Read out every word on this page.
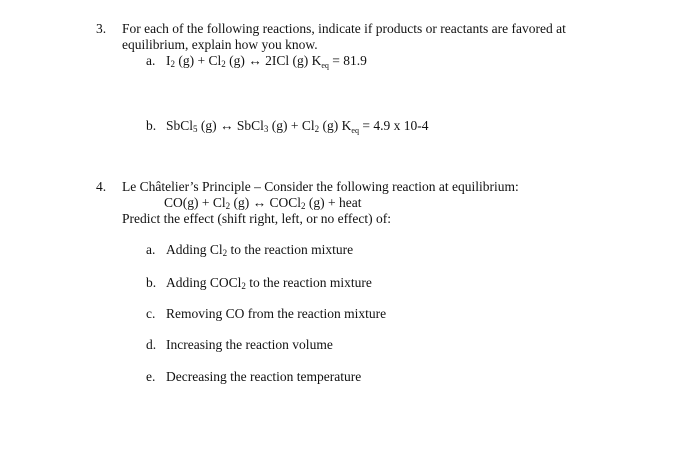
3. For each of the following reactions, indicate if products or reactants are favored at
equilibrium, explain how you know.
a. $I_2$ $(g) + Cl_2$ (g) ↔ 2ICl (g) $K_{eq} = 81.9$
b. SbCl$_5$ (g) ↔ SbCl$_3$ $(g) + Cl_2$ (g) $K_{eq} = 4.9$ x 10-4
4. Le Châtelier’s Principle – Consider the following reaction at equilibrium:
$CO(g) + Cl_2$ (g) ↔ COCl$_2$ (g) + heat
Predict the effect (shift right, left, or no effect) of:
a. Adding $Cl_2$ to the reaction mixture
b. Adding COCl$_2$ to the reaction mixture
c. Removing CO from the reaction mixture
d. Increasing the reaction volume
e. Decreasing the reaction temperature
